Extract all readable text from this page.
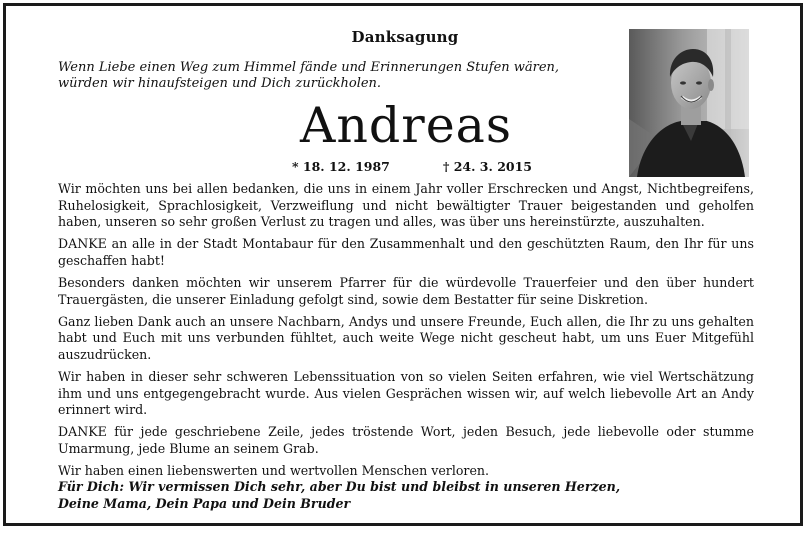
Danksagung
Wenn Liebe einen Weg zum Himmel fände und Erinnerungen Stufen wären, würden wir hinaufsteigen und Dich zurückholen.
Andreas
* 18. 12. 1987	† 24. 3. 2015

Wir möchten uns bei allen bedanken, die uns in einem Jahr voller Erschrecken und Angst, Nichtbegreifens, Ruhelosigkeit, Sprachlosigkeit, Verzweiflung und nicht bewältigter Trauer beigestanden und geholfen haben, unseren so sehr großen Verlust zu tragen und alles, was über uns hereinstürzte, auszuhalten.

DANKE an alle in der Stadt Montabaur für den Zusammenhalt und den geschützten Raum, den Ihr für uns geschaffen habt!

Besonders danken möchten wir unserem Pfarrer für die würdevolle Trauerfeier und den über hundert Trauergästen, die unserer Einladung gefolgt sind, sowie dem Bestatter für seine Diskretion.

Ganz lieben Dank auch an unsere Nachbarn, Andys und unsere Freunde, Euch allen, die Ihr zu uns gehalten habt und Euch mit uns verbunden fühltet, auch weite Wege nicht gescheut habt, um uns Euer Mitgefühl auszudrücken.

Wir haben in dieser sehr schweren Lebenssituation von so vielen Seiten erfahren, wie viel Wertschätzung ihm und uns entgegengebracht wurde. Aus vielen Gesprächen wissen wir, auf welch liebevolle Art an Andy erinnert wird.

DANKE für jede geschriebene Zeile, jedes tröstende Wort, jeden Besuch, jede liebevolle oder stumme Umarmung, jede Blume an seinem Grab.

Wir haben einen liebenswerten und wertvollen Menschen verloren.

Für Dich: Wir vermissen Dich sehr, aber Du bist und bleibst in unseren Herzen,
Deine Mama, Dein Papa und Dein Bruder
